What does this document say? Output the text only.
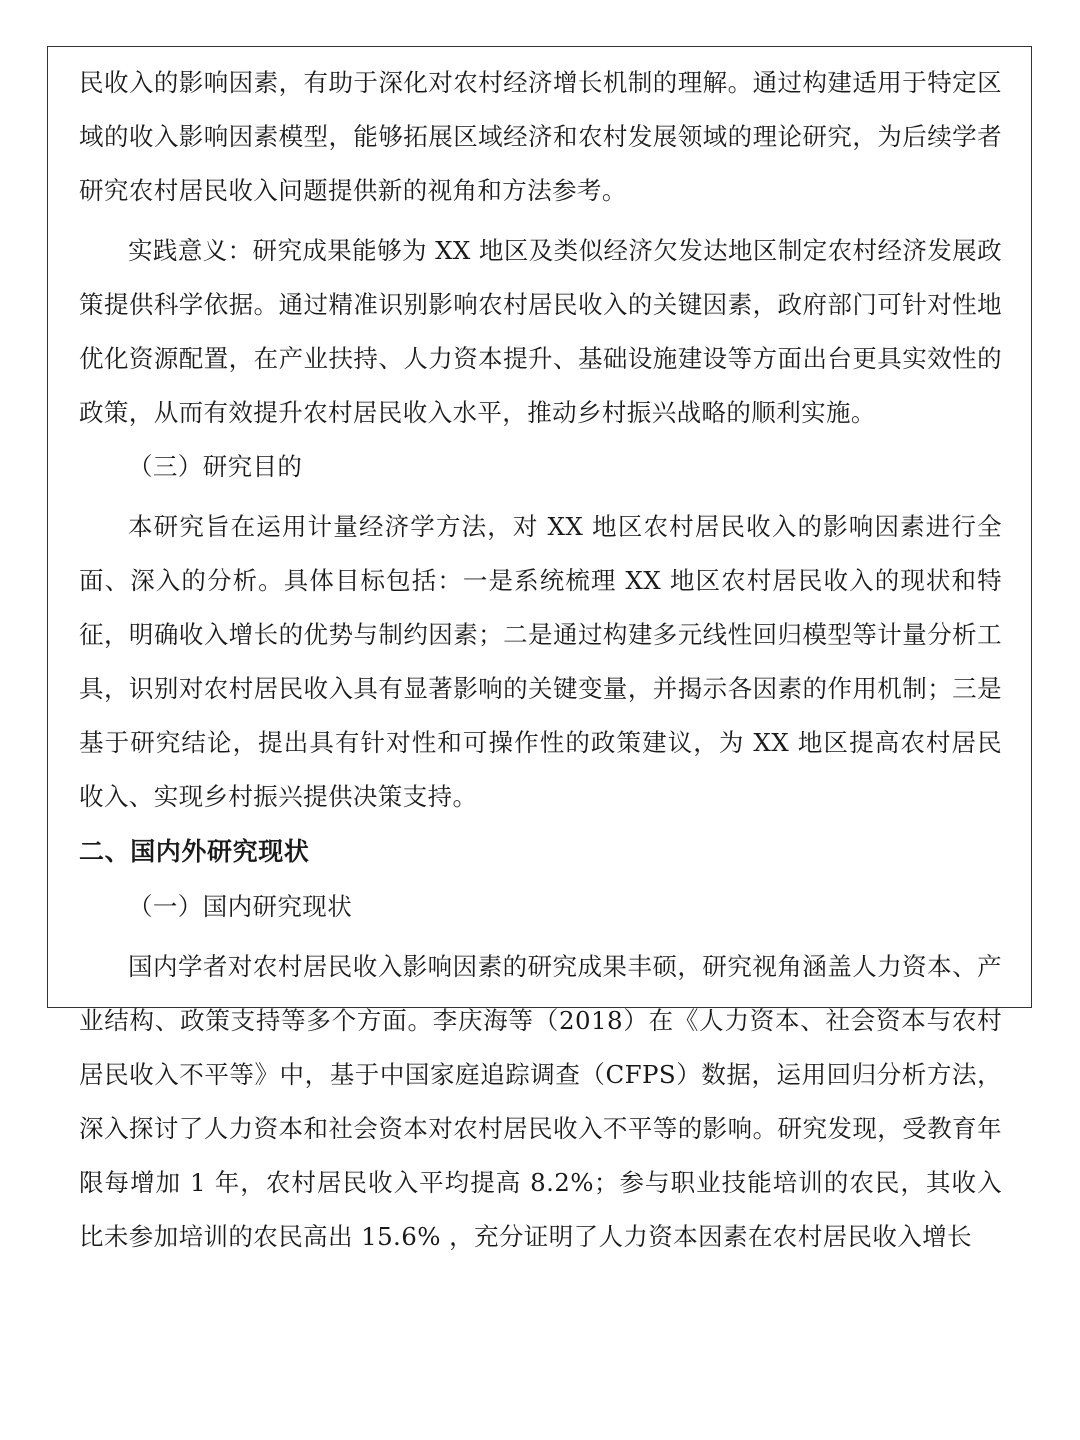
民收入的影响因素，有助于深化对农村经济增长机制的理解。通过构建适用于特定区域的收入影响因素模型，能够拓展区域经济和农村发展领域的理论研究，为后续学者研究农村居民收入问题提供新的视角和方法参考。

实践意义：研究成果能够为 XX 地区及类似经济欠发达地区制定农村经济发展政策提供科学依据。通过精准识别影响农村居民收入的关键因素，政府部门可针对性地优化资源配置，在产业扶持、人力资本提升、基础设施建设等方面出台更具实效性的政策，从而有效提升农村居民收入水平，推动乡村振兴战略的顺利实施。

（三）研究目的

本研究旨在运用计量经济学方法，对 XX 地区农村居民收入的影响因素进行全面、深入的分析。具体目标包括：一是系统梳理 XX 地区农村居民收入的现状和特征，明确收入增长的优势与制约因素；二是通过构建多元线性回归模型等计量分析工具，识别对农村居民收入具有显著影响的关键变量，并揭示各因素的作用机制；三是基于研究结论，提出具有针对性和可操作性的政策建议，为 XX 地区提高农村居民收入、实现乡村振兴提供决策支持。

二、国内外研究现状

（一）国内研究现状

国内学者对农村居民收入影响因素的研究成果丰硕，研究视角涵盖人力资本、产业结构、政策支持等多个方面。李庆海等（2018）在《人力资本、社会资本与农村居民收入不平等》中，基于中国家庭追踪调查（CFPS）数据，运用回归分析方法，深入探讨了人力资本和社会资本对农村居民收入不平等的影响。研究发现，受教育年限每增加 1 年，农村居民收入平均提高 8.2%；参与职业技能培训的农民，其收入比未参加培训的农民高出 15.6% ，充分证明了人力资本因素在农村居民收入增长
